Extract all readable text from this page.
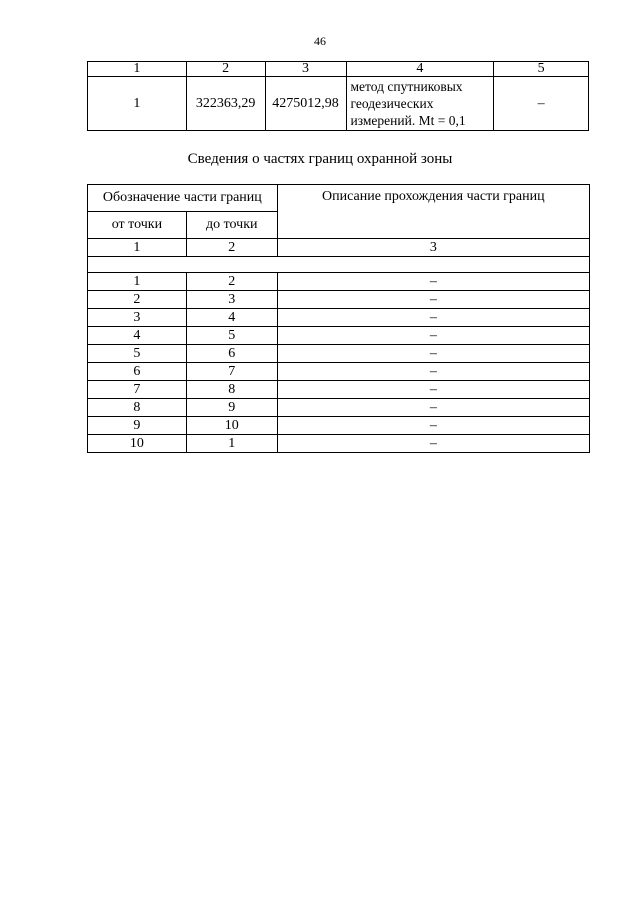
46
1	2	3	4	5
1	322363,29	4275012,98	метод спутниковых
геодезических
измерений. Mt = 0,1	–
Сведения о частях границ охранной зоны
Обозначение части границ		Описание прохождения части границ
от точки	до точки	
1	2	3

1	2	–
2	3	–
3	4	–
4	5	–
5	6	–
6	7	–
7	8	–
8	9	–
9	10	–
10	1	–
